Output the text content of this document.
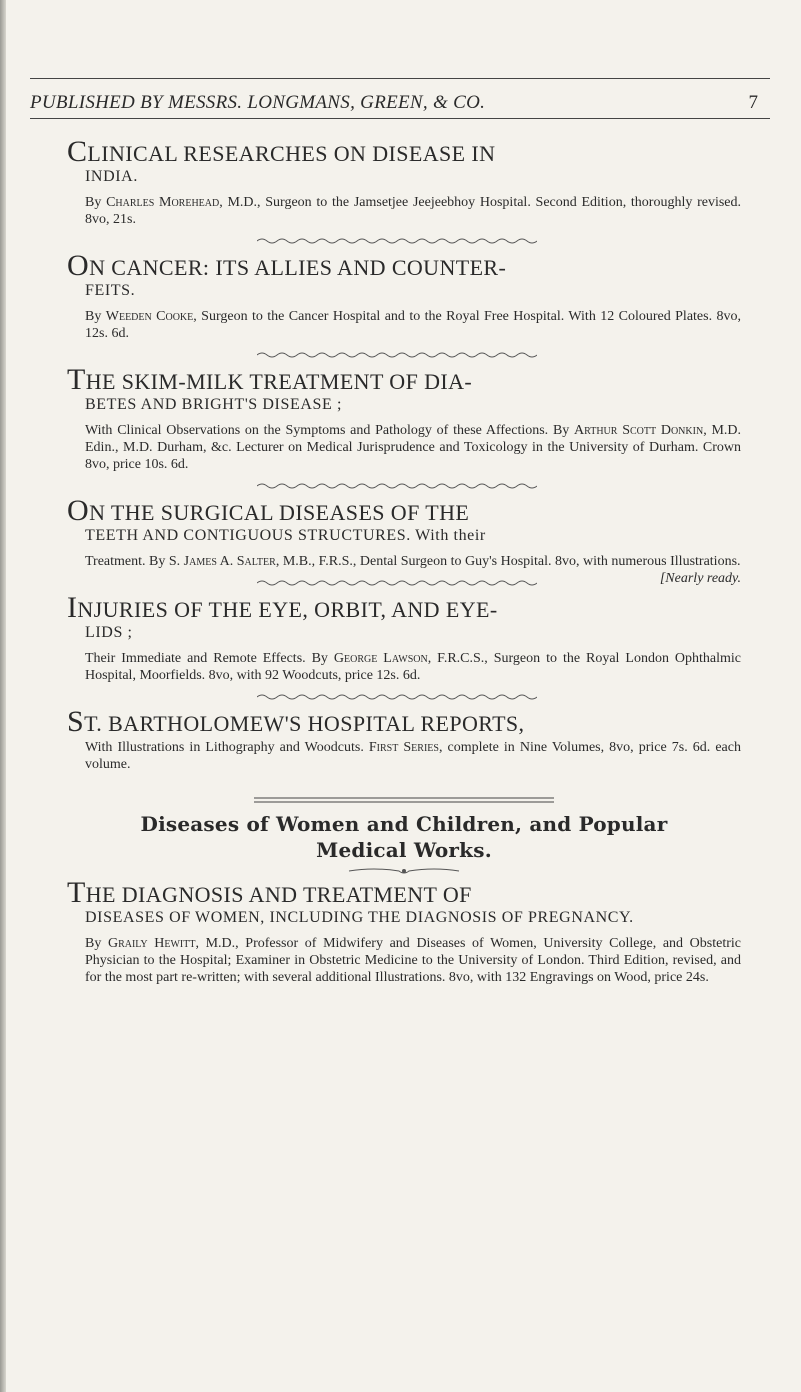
PUBLISHED BY MESSRS. LONGMANS, GREEN, & CO.	7

CLINICAL RESEARCHES ON DISEASE IN

INDIA.
By Charles Morehead, M.D., Surgeon to the Jamsetjee Jeejeebhoy Hospital. Second Edition, thoroughly revised. 8vo, 21s.

ON CANCER: ITS ALLIES AND COUNTER-

FEITS.
By Weeden Cooke, Surgeon to the Cancer Hospital and to the Royal Free Hospital. With 12 Coloured Plates. 8vo, 12s. 6d.

THE SKIM-MILK TREATMENT OF DIA-

BETES AND BRIGHT'S DISEASE ;
With Clinical Observations on the Symptoms and Pathology of these Affections. By Arthur Scott Donkin, M.D. Edin., M.D. Durham, &c. Lecturer on Medical Jurisprudence and Toxicology in the University of Durham. Crown 8vo, price 10s. 6d.

ON THE SURGICAL DISEASES OF THE

TEETH AND CONTIGUOUS STRUCTURES. With their
Treatment. By S. James A. Salter, M.B., F.R.S., Dental Surgeon to Guy's Hospital. 8vo, with numerous Illustrations.
[Nearly ready.

INJURIES OF THE EYE, ORBIT, AND EYE-

LIDS ;
Their Immediate and Remote Effects. By George Lawson, F.R.C.S., Surgeon to the Royal London Ophthalmic Hospital, Moorfields. 8vo, with 92 Woodcuts, price 12s. 6d.

ST. BARTHOLOMEW'S HOSPITAL REPORTS,

With Illustrations in Lithography and Woodcuts. First Series, complete in Nine Volumes, 8vo, price 7s. 6d. each volume.
Diseases of Women and Children, and Popular
Medical Works.

THE DIAGNOSIS AND TREATMENT OF

DISEASES OF WOMEN, INCLUDING THE DIAGNOSIS OF PREGNANCY.
By Graily Hewitt, M.D., Professor of Midwifery and Diseases of Women, University College, and Obstetric Physician to the Hospital; Examiner in Obstetric Medicine to the University of London. Third Edition, revised, and for the most part re-written; with several additional Illustrations. 8vo, with 132 Engravings on Wood, price 24s.
